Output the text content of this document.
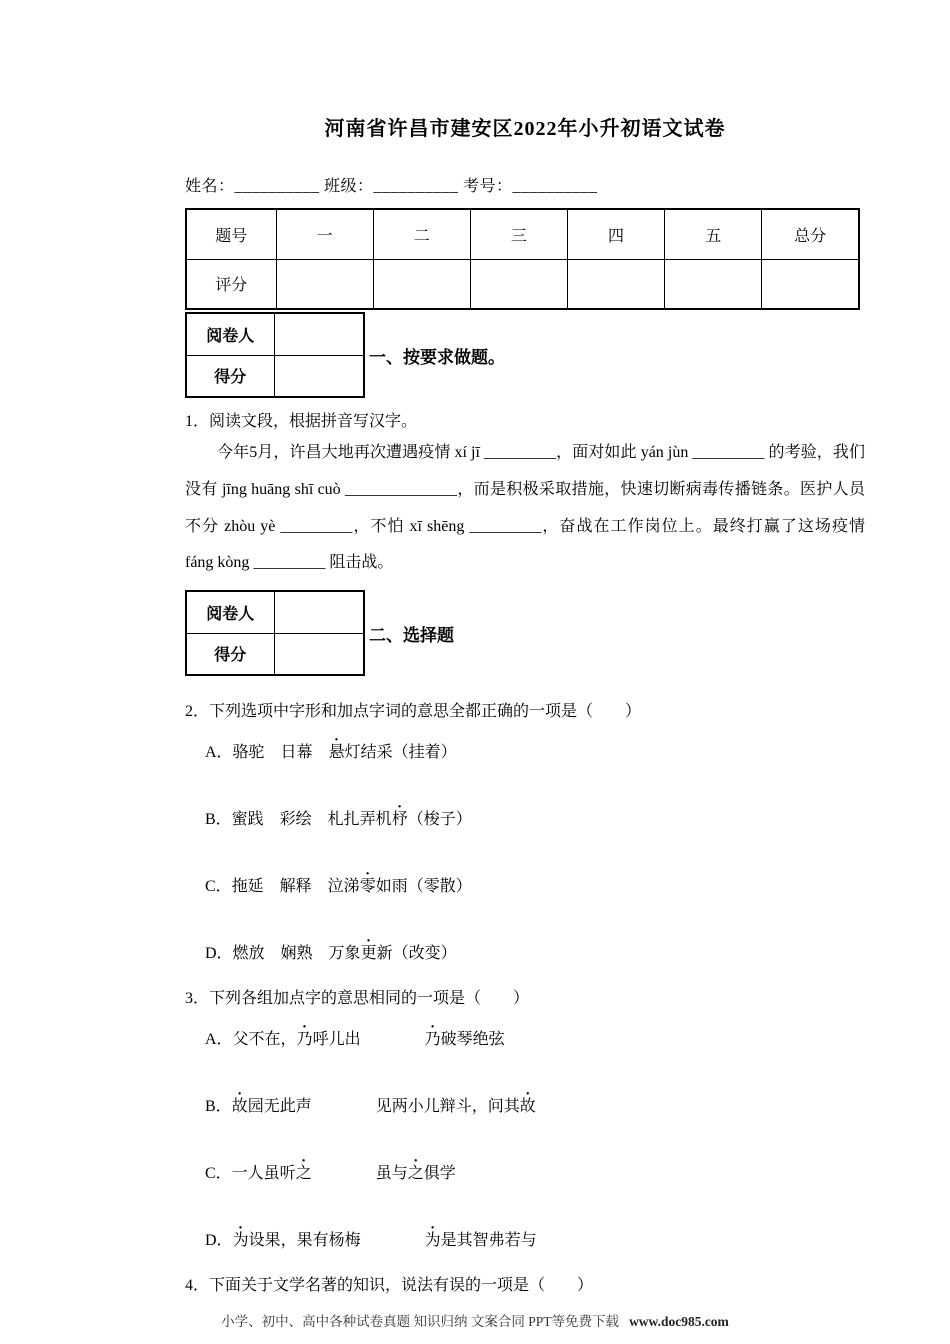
河南省许昌市建安区2022年小升初语文试卷
姓名：__________ 班级：__________ 考号：__________
题号	一	二	三	四	五	总分
评分						
阅卷人	
得分	
一、按要求做题。
1．阅读文段，根据拼音写汉字。
今年5月，许昌大地再次遭遇疫情 xí jī _________，面对如此 yán jùn _________ 的考验，我们没有 jīng huāng shī cuò ______________，而是积极采取措施，快速切断病毒传播链条。医护人员不分 zhòu yè _________，不怕 xī shēng _________，奋战在工作岗位上。最终打赢了这场疫情 fáng kòng _________ 阻击战。
阅卷人	
得分	
二、选择题
2．下列选项中字形和加点字词的意思全都正确的一项是（　　）
A．骆驼　日幕　悬灯结采（挂着）
B．蜜践　彩绘　札扎弄机杼（梭子）
C．拖延　解释　泣涕零如雨（零散）
D．燃放　娴熟　万象更新（改变）
3．下列各组加点字的意思相同的一项是（　　）
A．父不在，乃呼儿出　　　　乃破琴绝弦
B．故园无此声　　　　见两小儿辩斗，问其故
C．一人虽听之　　　　虽与之俱学
D．为设果，果有杨梅　　　　为是其智弗若与
4．下面关于文学名著的知识，说法有误的一项是（　　）
小学、初中、高中各种试卷真题 知识归纳 文案合同 PPT等免费下载 www.doc985.com
